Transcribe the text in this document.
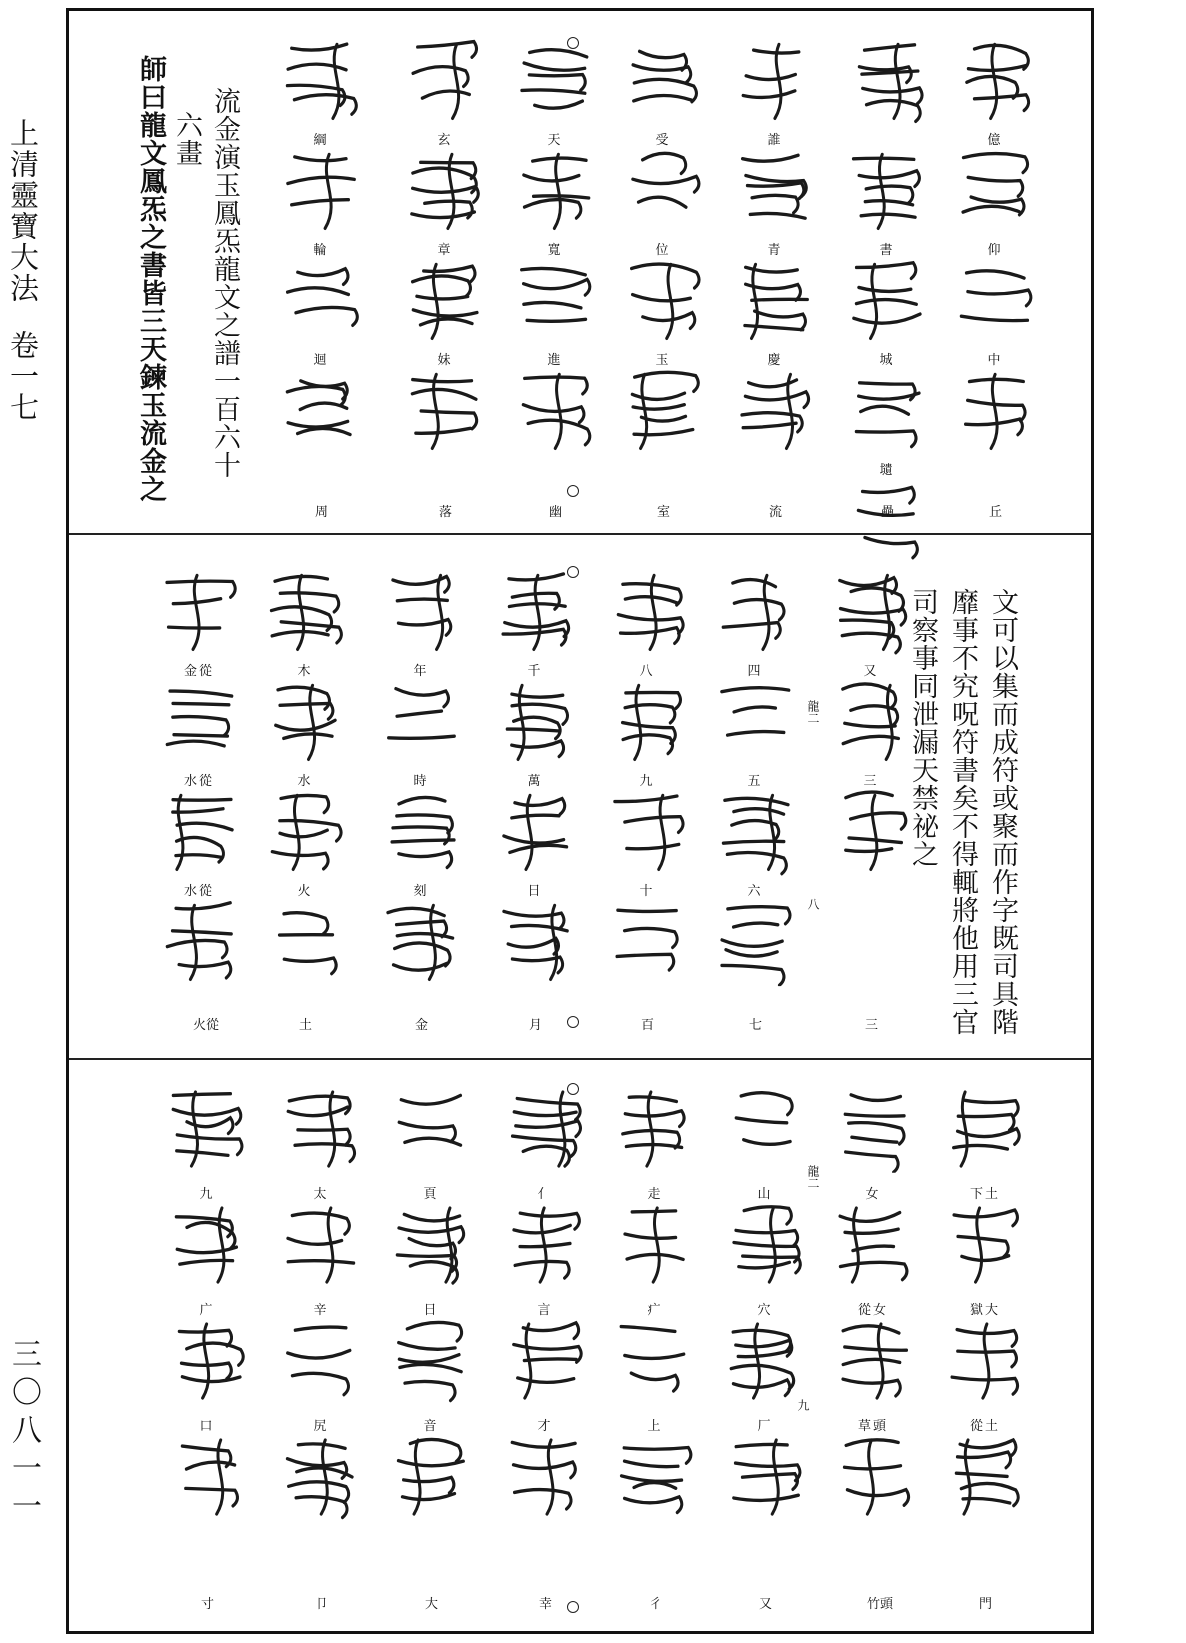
上清靈寶大法卷一七
三〇八一一
億
仰
中
丘
書
城
壝
壘
誰
青
慶
流
受
位
玉
室
天
寬
進
幽
玄
章
妹
落
綱
輪
迴
周
師曰龍文鳳炁之書皆三天鍊玉流金之 六畫 流金演玉鳳炁龍文之譜一百六十
文可以集而成符或聚而作字既司具階
靡事不究呪符書矣不得輒將他用三官
司察事同泄漏天禁祕之
龍二
八
又
三
三
四
五
六
七
八
九
十
百
千
萬
日
月
年
時
刻
金
木
水
火
土
金從
水從
水從
火從
龍二
九
下土
獄大
從土
門
女
從女
草頭
竹頭
山
穴
厂
又
走
疒
上
彳
亻
言
才
幸
頁
日
音
大
太
辛
尻
卩
九
广
口
寸
